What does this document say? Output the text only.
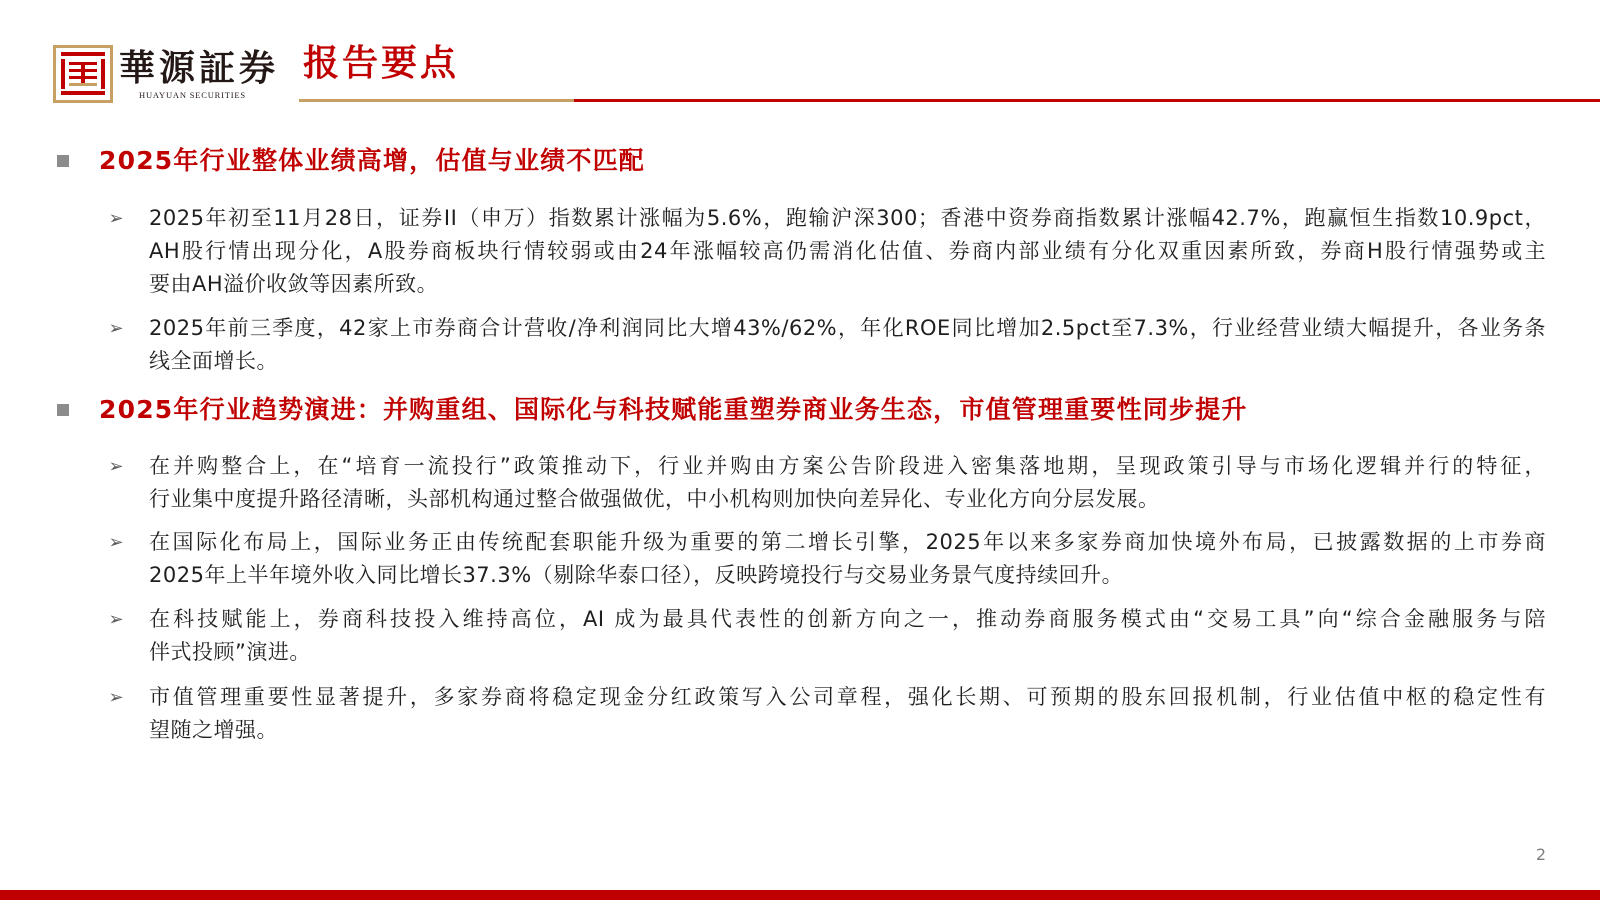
華源証券
HUAYUAN SECURITIES
报告要点
2025年行业整体业绩高增，估值与业绩不匹配
➢
2025年初至11月28日，证券II（申万）指数累计涨幅为5.6%，跑输沪深300；香港中资券商指数累计涨幅42.7%，跑赢恒生指数10.9pct，
AH股行情出现分化，A股券商板块行情较弱或由24年涨幅较高仍需消化估值、券商内部业绩有分化双重因素所致，券商H股行情强势或主
要由AH溢价收敛等因素所致。
➢
2025年前三季度，42家上市券商合计营收/净利润同比大增43%/62%，年化ROE同比增加2.5pct至7.3%，行业经营业绩大幅提升，各业务条
线全面增长。
2025年行业趋势演进：并购重组、国际化与科技赋能重塑券商业务生态，市值管理重要性同步提升
➢
在并购整合上，在“培育一流投行”政策推动下，行业并购由方案公告阶段进入密集落地期，呈现政策引导与市场化逻辑并行的特征，
行业集中度提升路径清晰，头部机构通过整合做强做优，中小机构则加快向差异化、专业化方向分层发展。
➢
在国际化布局上，国际业务正由传统配套职能升级为重要的第二增长引擎，2025年以来多家券商加快境外布局，已披露数据的上市券商
2025年上半年境外收入同比增长37.3%（剔除华泰口径），反映跨境投行与交易业务景气度持续回升。
➢
在科技赋能上，券商科技投入维持高位，AI 成为最具代表性的创新方向之一，推动券商服务模式由“交易工具”向“综合金融服务与陪
伴式投顾”演进。
➢
市值管理重要性显著提升，多家券商将稳定现金分红政策写入公司章程，强化长期、可预期的股东回报机制，行业估值中枢的稳定性有
望随之增强。
2
